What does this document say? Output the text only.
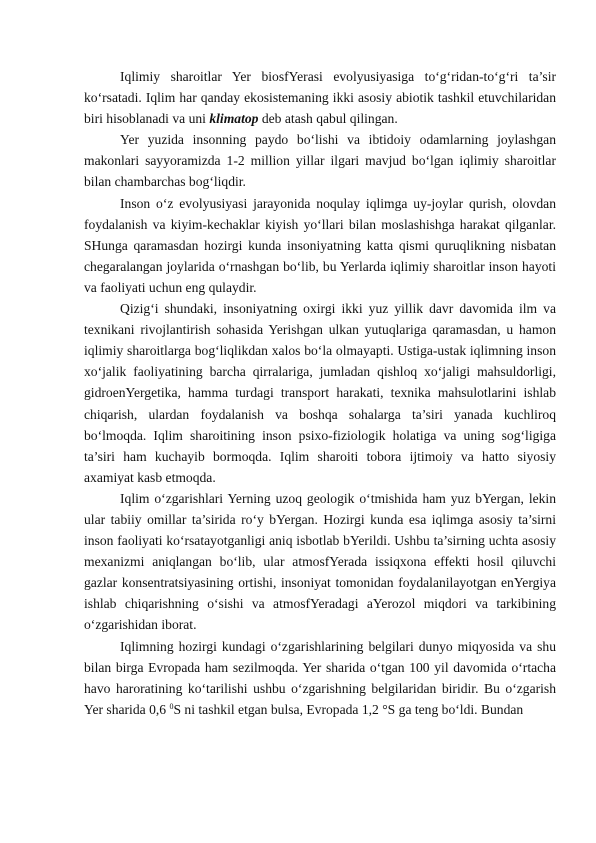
Iqlimiy sharoitlar Yer biosfYerasi evolyusiyasiga to‘g‘ridan-to‘g‘ri ta’sir ko‘rsatadi. Iqlim har qanday ekosistemaning ikki asosiy abiotik tashkil etuvchilaridan biri hisoblanadi va uni klimatop deb atash qabul qilingan.

Yer yuzida insonning paydo bo‘lishi va ibtidoiy odamlarning joylashgan makonlari sayyoramizda 1-2 million yillar ilgari mavjud bo‘lgan iqlimiy sharoitlar bilan chambarchas bog‘liqdir.

Inson o‘z evolyusiyasi jarayonida noqulay iqlimga uy-joylar qurish, olovdan foydalanish va kiyim-kechaklar kiyish yo‘llari bilan moslashishga harakat qilganlar. SHunga qaramasdan hozirgi kunda insoniyatning katta qismi quruqlikning nisbatan chegaralangan joylarida o‘rnashgan bo‘lib, bu Yerlarda iqlimiy sharoitlar inson hayoti va faoliyati uchun eng qulaydir.

Qizig‘i shundaki, insoniyatning oxirgi ikki yuz yillik davr davomida ilm va texnikani rivojlantirish sohasida Yerishgan ulkan yutuqlariga qaramasdan, u hamon iqlimiy sharoitlarga bog‘liqlikdan xalos bo‘la olmayapti. Ustiga-ustak iqlimning inson xo‘jalik faoliyatining barcha qirralariga, jumladan qishloq xo‘jaligi mahsuldorligi, gidroenYergetika, hamma turdagi transport harakati, texnika mahsulotlarini ishlab chiqarish, ulardan foydalanish va boshqa sohalarga ta’siri yanada kuchliroq bo‘lmoqda. Iqlim sharoitining inson psixo-fiziologik holatiga va uning sog‘ligiga ta’siri ham kuchayib bormoqda. Iqlim sharoiti tobora ijtimoiy va hatto siyosiy axamiyat kasb etmoqda.

Iqlim o‘zgarishlari Yerning uzoq geologik o‘tmishida ham yuz bYergan, lekin ular tabiiy omillar ta’sirida ro‘y bYergan. Hozirgi kunda esa iqlimga asosiy ta’sirni inson faoliyati ko‘rsatayotganligi aniq isbotlab bYerildi. Ushbu ta’sirning uchta asosiy mexanizmi aniqlangan bo‘lib, ular atmosfYerada issiqxona effekti hosil qiluvchi gazlar konsentratsiyasining ortishi, insoniyat tomonidan foydalanilayotgan enYergiya ishlab chiqarishning o‘sishi va atmosfYeradagi aYerozol miqdori va tarkibining o‘zgarishidan iborat.

Iqlimning hozirgi kundagi o‘zgarishlarining belgilari dunyo miqyosida va shu bilan birga Evropada ham sezilmoqda. Yer sharida o‘tgan 100 yil davomida o‘rtacha havo haroratining ko‘tarilishi ushbu o‘zgarishning belgilaridan biridir. Bu o‘zgarish Yer sharida 0,6 $^0$S ni tashkil etgan bulsa, Evropada 1,2 °S ga teng bo‘ldi. Bundan
